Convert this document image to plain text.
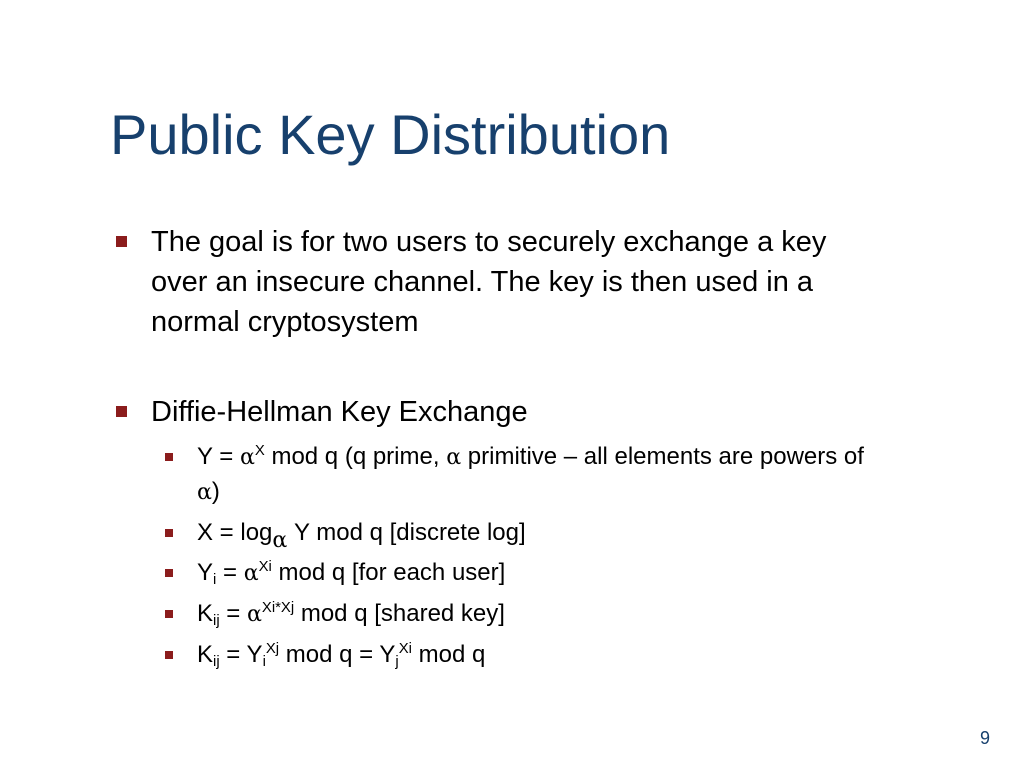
Public Key Distribution
The goal is for two users to securely exchange a key
over an insecure channel. The key is then used in a
normal cryptosystem
Diffie-Hellman Key Exchange
$Y = \alpha^X$ mod q (q prime, α primitive – all elements are powers of
α)
$X = \log_\alpha Y$ mod q [discrete log]
$Y_i = \alpha^{Xi}$ mod q [for each user]
$K_{ij} = \alpha^{Xi*Xj}$ mod q [shared key]
$K_{ij} = Y_i^{Xj}$ mod $q = Y_j^{Xi}$ mod q
9
